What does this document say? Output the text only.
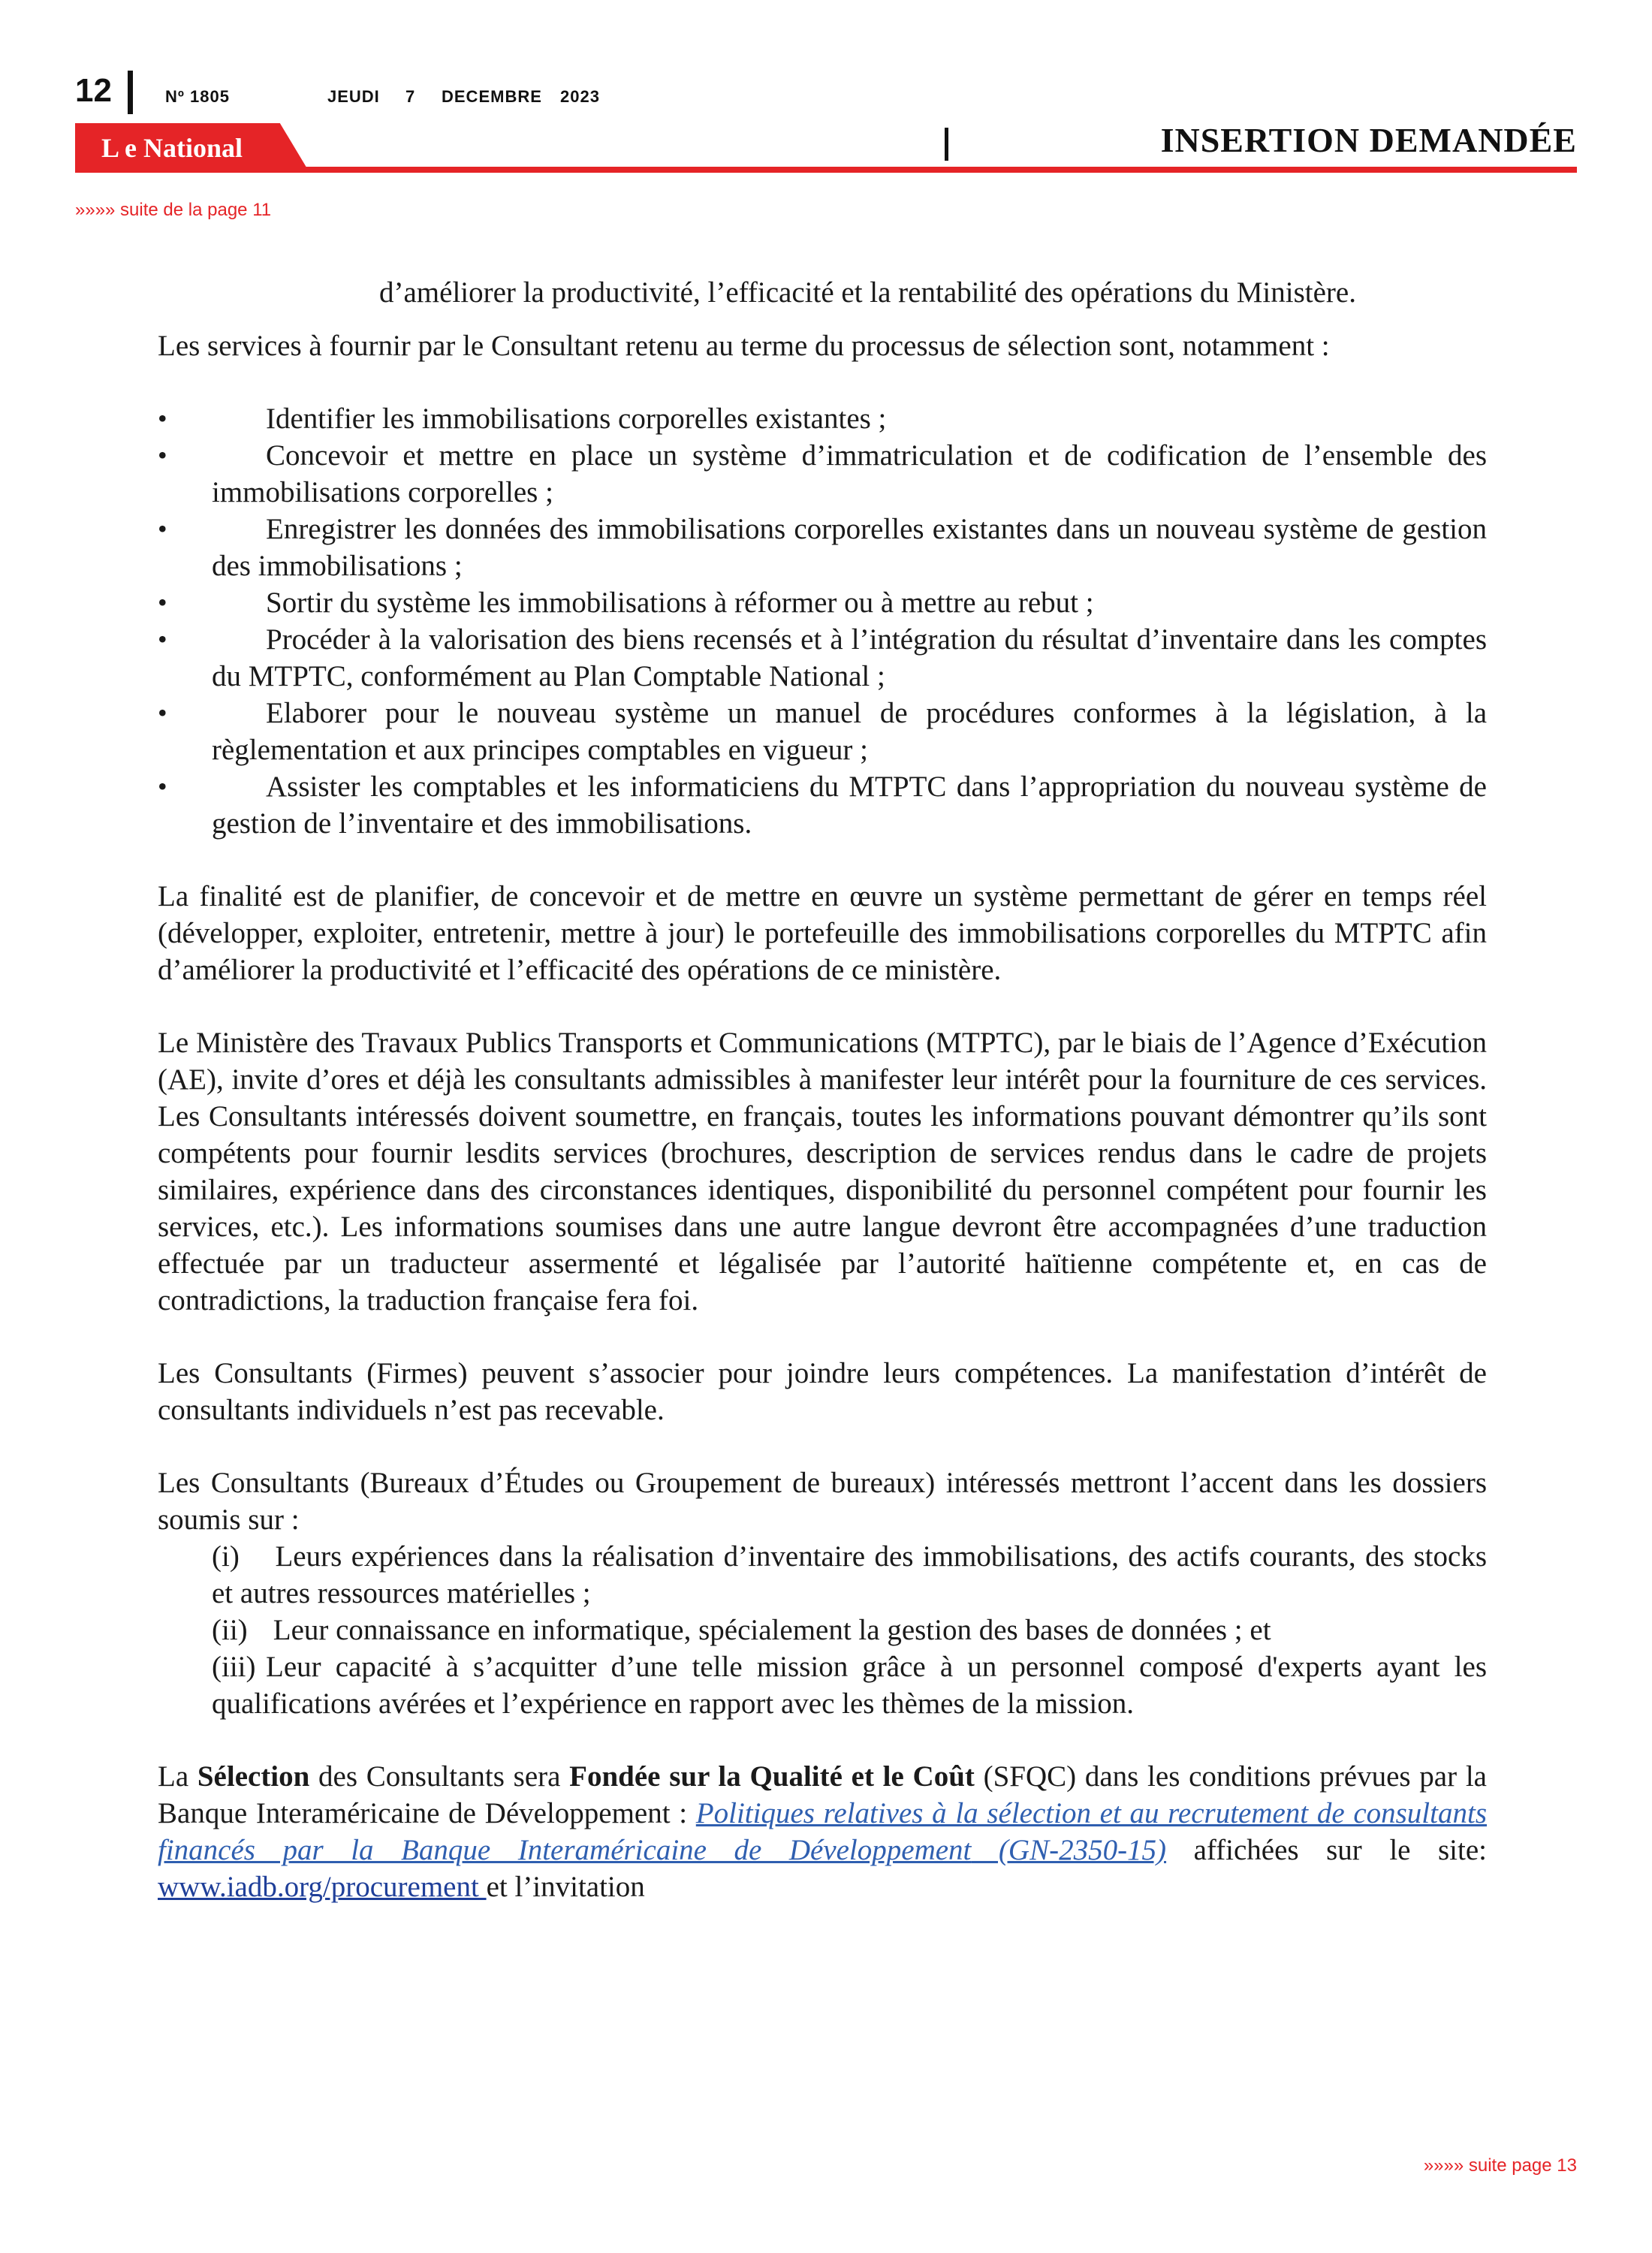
12	Nº 1805	JEUDI 7 DECEMBRE 2023
L e National	INSERTION DEMANDÉE
»»»» suite de la page 11

d’améliorer la productivité, l’efficacité et la rentabilité des opérations du Ministère.

Les services à fournir par le Consultant retenu au terme du processus de sélection sont, notamment :

•	Identifier les immobilisations corporelles existantes ;
•	Concevoir et mettre en place un système d’immatriculation et de codification de l’ensemble des immobilisations corporelles ;
•	Enregistrer les données des immobilisations corporelles existantes dans un nouveau système de gestion des immobilisations ;
•	Sortir du système les immobilisations à réformer ou à mettre au rebut ;
•	Procéder à la valorisation des biens recensés et à l’intégration du résultat d’inventaire dans les comptes du MTPTC, conformément au Plan Comptable National ;
•	Elaborer pour le nouveau système un manuel de procédures conformes à la législation, à la règlementation et aux principes comptables en vigueur ;
•	Assister les comptables et les informaticiens du MTPTC dans l’appropriation du nouveau système de gestion de l’inventaire et des immobilisations.

La finalité est de planifier, de concevoir et de mettre en œuvre un système permettant de gérer en temps réel (développer, exploiter, entretenir, mettre à jour) le portefeuille des immobilisations corporelles du MTPTC afin d’améliorer la productivité et l’efficacité des opérations de ce ministère.

Le Ministère des Travaux Publics Transports et Communications (MTPTC), par le biais de l’Agence d’Exécution (AE), invite d’ores et déjà les consultants admissibles à manifester leur intérêt pour la fourniture de ces services. Les Consultants intéressés doivent soumettre, en français, toutes les informations pouvant démontrer qu’ils sont compétents pour fournir lesdits services (brochures, description de services rendus dans le cadre de projets similaires, expérience dans des circonstances identiques, disponibilité du personnel compétent pour fournir les services, etc.). Les informations soumises dans une autre langue devront être accompagnées d’une traduction effectuée par un traducteur assermenté et légalisée par l’autorité haïtienne compétente et, en cas de contradictions, la traduction française fera foi.

Les Consultants (Firmes) peuvent s’associer pour joindre leurs compétences. La manifestation d’intérêt de consultants individuels n’est pas recevable.

Les Consultants (Bureaux d’Études ou Groupement de bureaux) intéressés mettront l’accent dans les dossiers soumis sur :

(i) Leurs expériences dans la réalisation d’inventaire des immobilisations, des actifs courants, des stocks et autres ressources matérielles ;
(ii) Leur connaissance en informatique, spécialement la gestion des bases de données ; et
(iii) Leur capacité à s’acquitter d’une telle mission grâce à un personnel composé d'experts ayant les qualifications avérées et l’expérience en rapport avec les thèmes de la mission.

La Sélection des Consultants sera Fondée sur la Qualité et le Coût (SFQC) dans les conditions prévues par la Banque Interaméricaine de Développement : Politiques relatives à la sélection et au recrutement de consultants financés par la Banque Interaméricaine de Développement (GN-2350-15) affichées sur le site: www.iadb.org/procurement et l’invitation

»»»» suite page 13
